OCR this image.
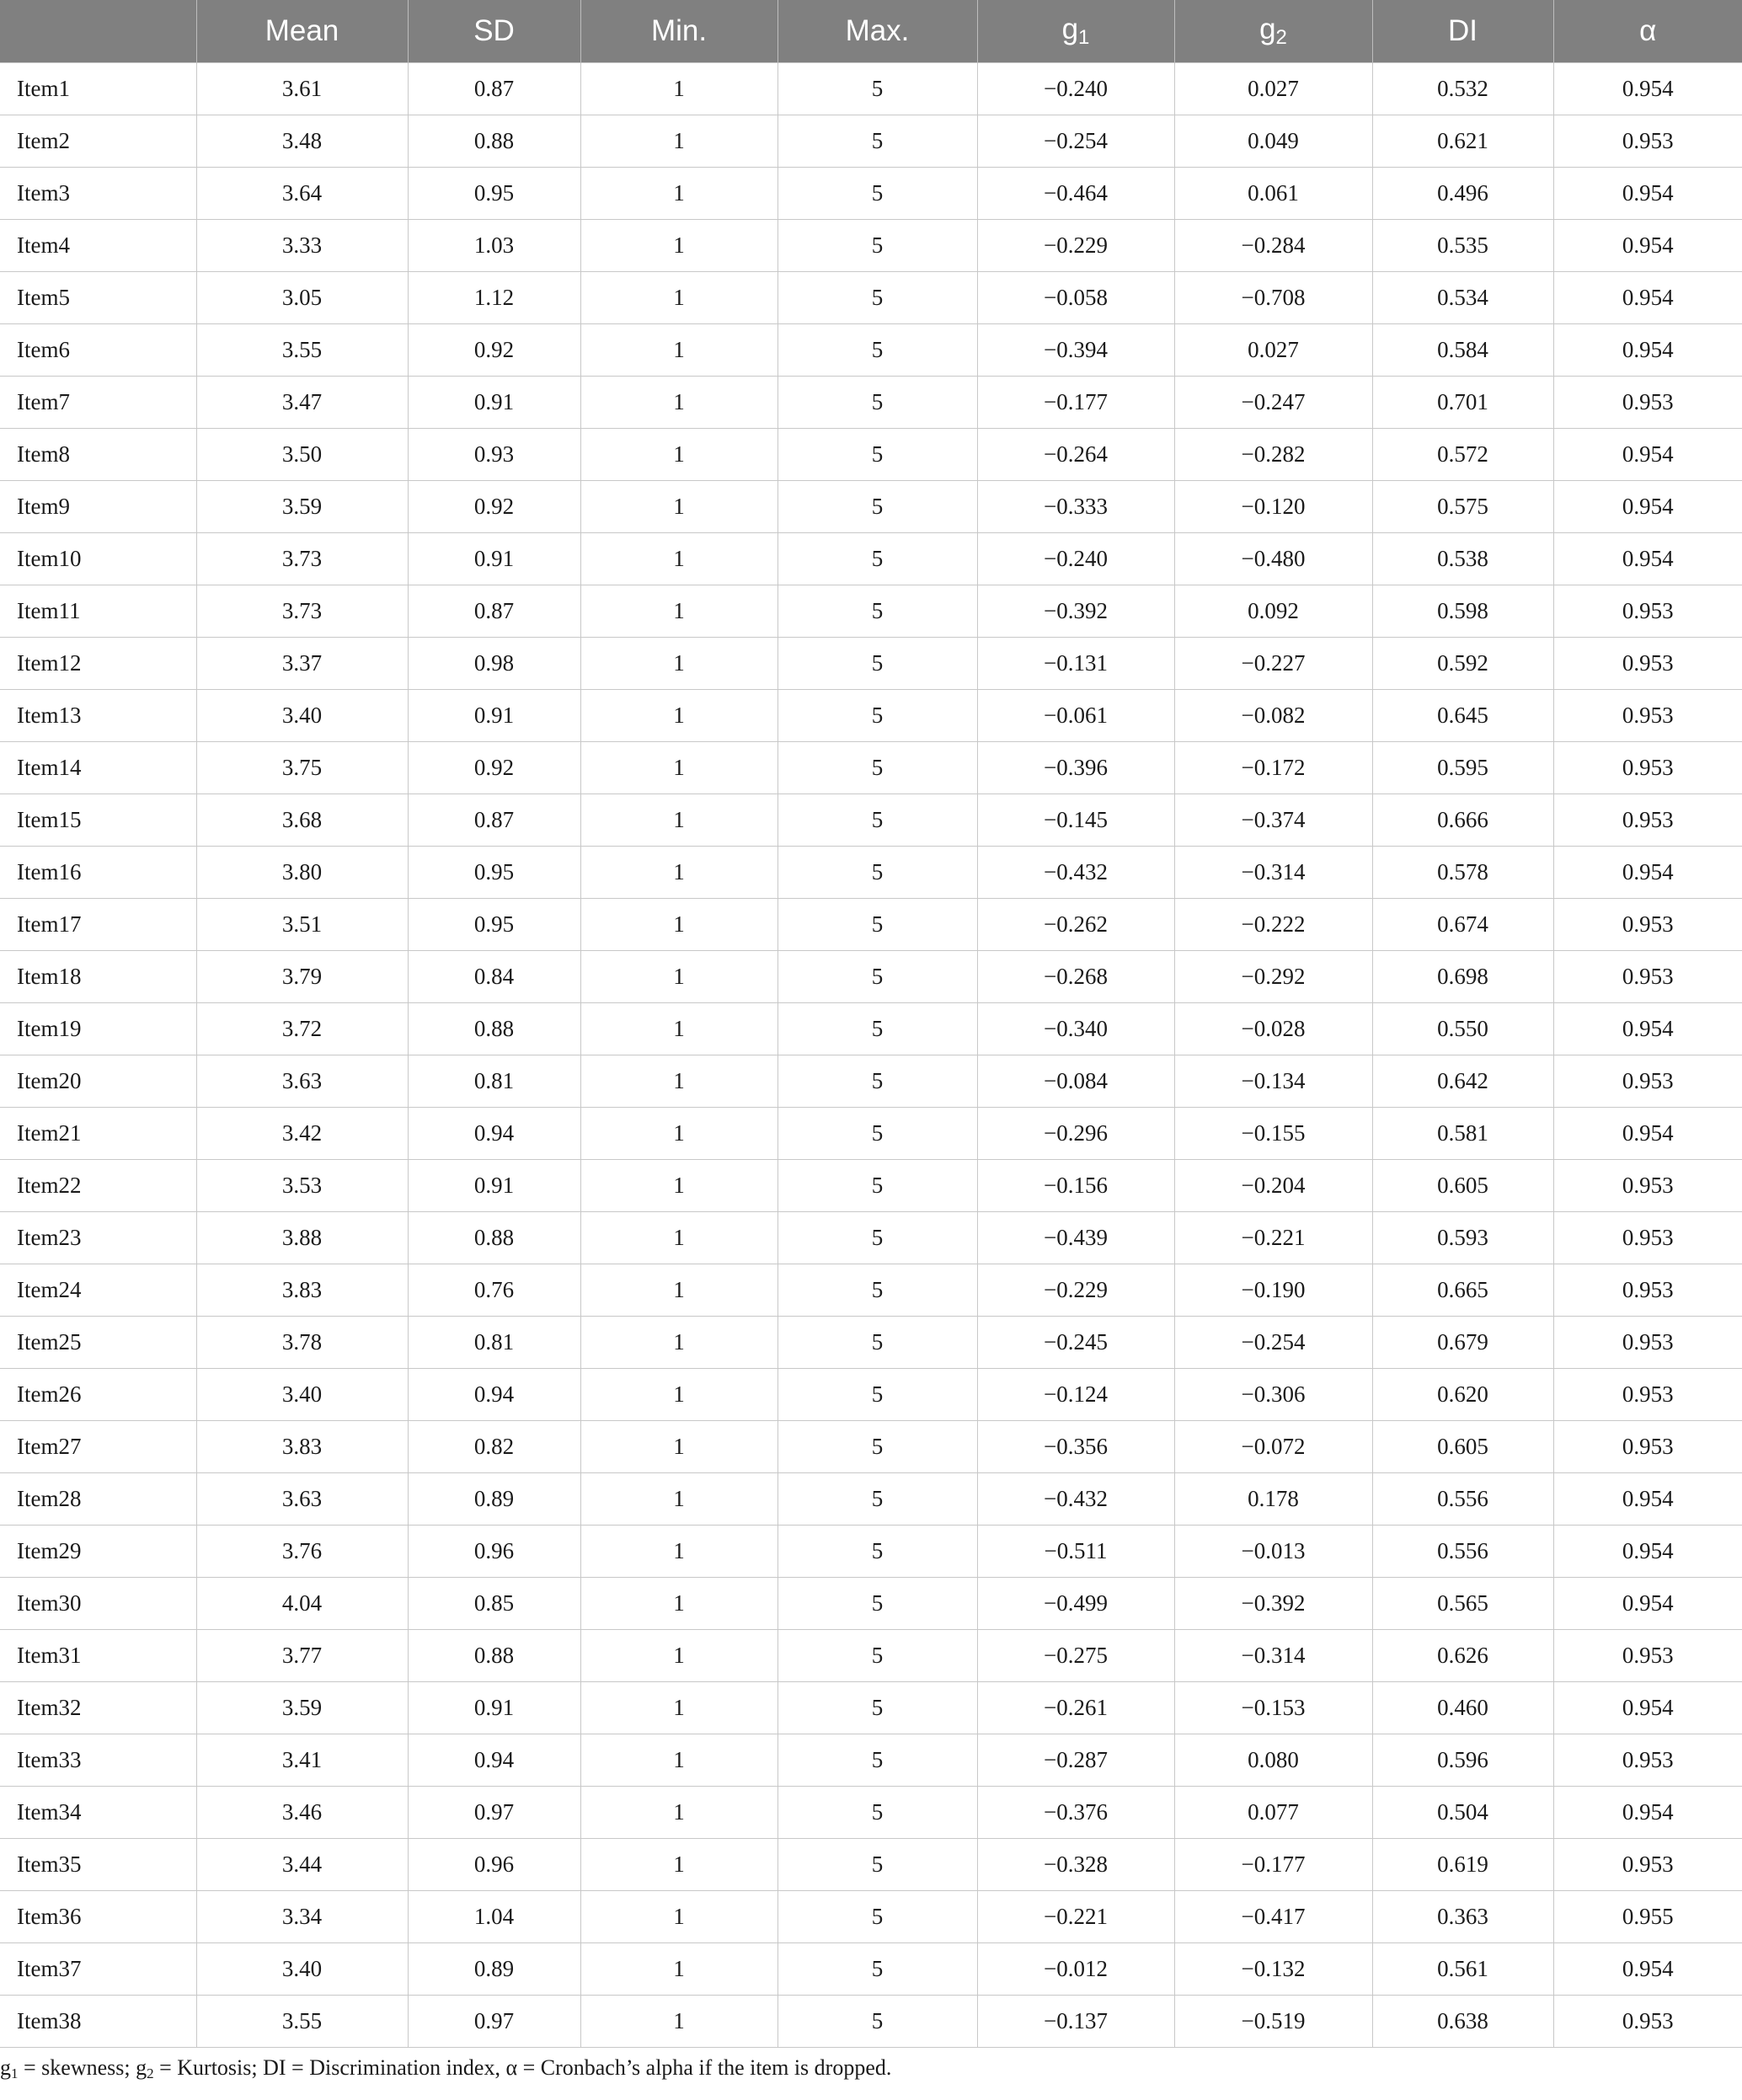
	Mean	SD	Min.	Max.	$g_1$	$g_2$	DI	α
Item1	3.61	0.87	1	5	−0.240	0.027	0.532	0.954
Item2	3.48	0.88	1	5	−0.254	0.049	0.621	0.953
Item3	3.64	0.95	1	5	−0.464	0.061	0.496	0.954
Item4	3.33	1.03	1	5	−0.229	−0.284	0.535	0.954
Item5	3.05	1.12	1	5	−0.058	−0.708	0.534	0.954
Item6	3.55	0.92	1	5	−0.394	0.027	0.584	0.954
Item7	3.47	0.91	1	5	−0.177	−0.247	0.701	0.953
Item8	3.50	0.93	1	5	−0.264	−0.282	0.572	0.954
Item9	3.59	0.92	1	5	−0.333	−0.120	0.575	0.954
Item10	3.73	0.91	1	5	−0.240	−0.480	0.538	0.954
Item11	3.73	0.87	1	5	−0.392	0.092	0.598	0.953
Item12	3.37	0.98	1	5	−0.131	−0.227	0.592	0.953
Item13	3.40	0.91	1	5	−0.061	−0.082	0.645	0.953
Item14	3.75	0.92	1	5	−0.396	−0.172	0.595	0.953
Item15	3.68	0.87	1	5	−0.145	−0.374	0.666	0.953
Item16	3.80	0.95	1	5	−0.432	−0.314	0.578	0.954
Item17	3.51	0.95	1	5	−0.262	−0.222	0.674	0.953
Item18	3.79	0.84	1	5	−0.268	−0.292	0.698	0.953
Item19	3.72	0.88	1	5	−0.340	−0.028	0.550	0.954
Item20	3.63	0.81	1	5	−0.084	−0.134	0.642	0.953
Item21	3.42	0.94	1	5	−0.296	−0.155	0.581	0.954
Item22	3.53	0.91	1	5	−0.156	−0.204	0.605	0.953
Item23	3.88	0.88	1	5	−0.439	−0.221	0.593	0.953
Item24	3.83	0.76	1	5	−0.229	−0.190	0.665	0.953
Item25	3.78	0.81	1	5	−0.245	−0.254	0.679	0.953
Item26	3.40	0.94	1	5	−0.124	−0.306	0.620	0.953
Item27	3.83	0.82	1	5	−0.356	−0.072	0.605	0.953
Item28	3.63	0.89	1	5	−0.432	0.178	0.556	0.954
Item29	3.76	0.96	1	5	−0.511	−0.013	0.556	0.954
Item30	4.04	0.85	1	5	−0.499	−0.392	0.565	0.954
Item31	3.77	0.88	1	5	−0.275	−0.314	0.626	0.953
Item32	3.59	0.91	1	5	−0.261	−0.153	0.460	0.954
Item33	3.41	0.94	1	5	−0.287	0.080	0.596	0.953
Item34	3.46	0.97	1	5	−0.376	0.077	0.504	0.954
Item35	3.44	0.96	1	5	−0.328	−0.177	0.619	0.953
Item36	3.34	1.04	1	5	−0.221	−0.417	0.363	0.955
Item37	3.40	0.89	1	5	−0.012	−0.132	0.561	0.954
Item38	3.55	0.97	1	5	−0.137	−0.519	0.638	0.953
$g_1$ = skewness; $g_2$ = Kurtosis; DI = Discrimination index, α = Cronbach’s alpha if the item is dropped.
